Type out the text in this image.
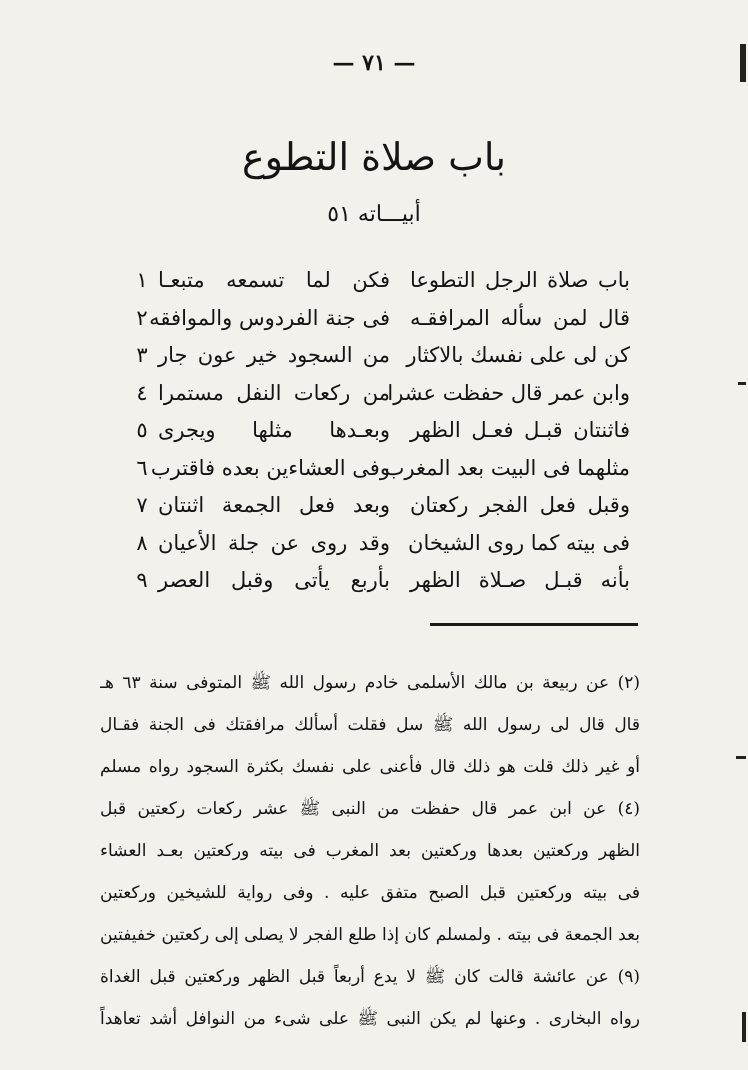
— ٧١ —
باب صلاة التطوع
أبيـــاته ٥١
باب صلاة الرجل التطوعا
فكن لما تسمعه متبعـا
١
قال لمن سأله المرافقـه
فى جنة الفردوس والموافقه
٢
كن لى على نفسك بالاكثار
من السجود خير عون جار
٣
وابن عمر قال حفظت عشرا
من ركعات النفل مستمرا
٤
فاثنتان قبـل فعـل الظهر
وبعـدها مثلها ويجرى
٥
مثلهما فى البيت بعد المغرب
وفى العشاءين بعده فاقترب
٦
وقبل فعل الفجر ركعتان
وبعد فعل الجمعة اثنتان
٧
فى بيته كما روى الشيخان
وقد روى عن جلة الأعيان
٨
بأنه قبـل صـلاة الظهر
بأربع يأتى وقبل العصر
٩
(٢) عن ربيعة بن مالك الأسلمى خادم رسول الله ﷺ المتوفى سنة ٦٣ هـ
قال قال لى رسول الله ﷺ سل فقلت أسألك مرافقتك فى الجنة فقـال
أو غير ذلك قلت هو ذلك قال فأعنى على نفسك بكثرة السجود رواه مسلم
(٤) عن ابن عمر قال حفظت من النبى ﷺ عشر ركعات ركعتين قبل
الظهر وركعتين بعدها وركعتين بعد المغرب فى بيته وركعتين بعـد العشاء
فى بيته وركعتين قبل الصبح متفق عليه . وفى رواية للشيخين وركعتين
بعد الجمعة فى بيته . ولمسلم كان إذا طلع الفجر لا يصلى إلى ركعتين خفيفتين
(٩) عن عائشة قالت كان ﷺ لا يدع أربعاً قبل الظهر وركعتين قبل الغداة
رواه البخارى . وعنها لم يكن النبى ﷺ على شىء من النوافل أشد تعاهداً
